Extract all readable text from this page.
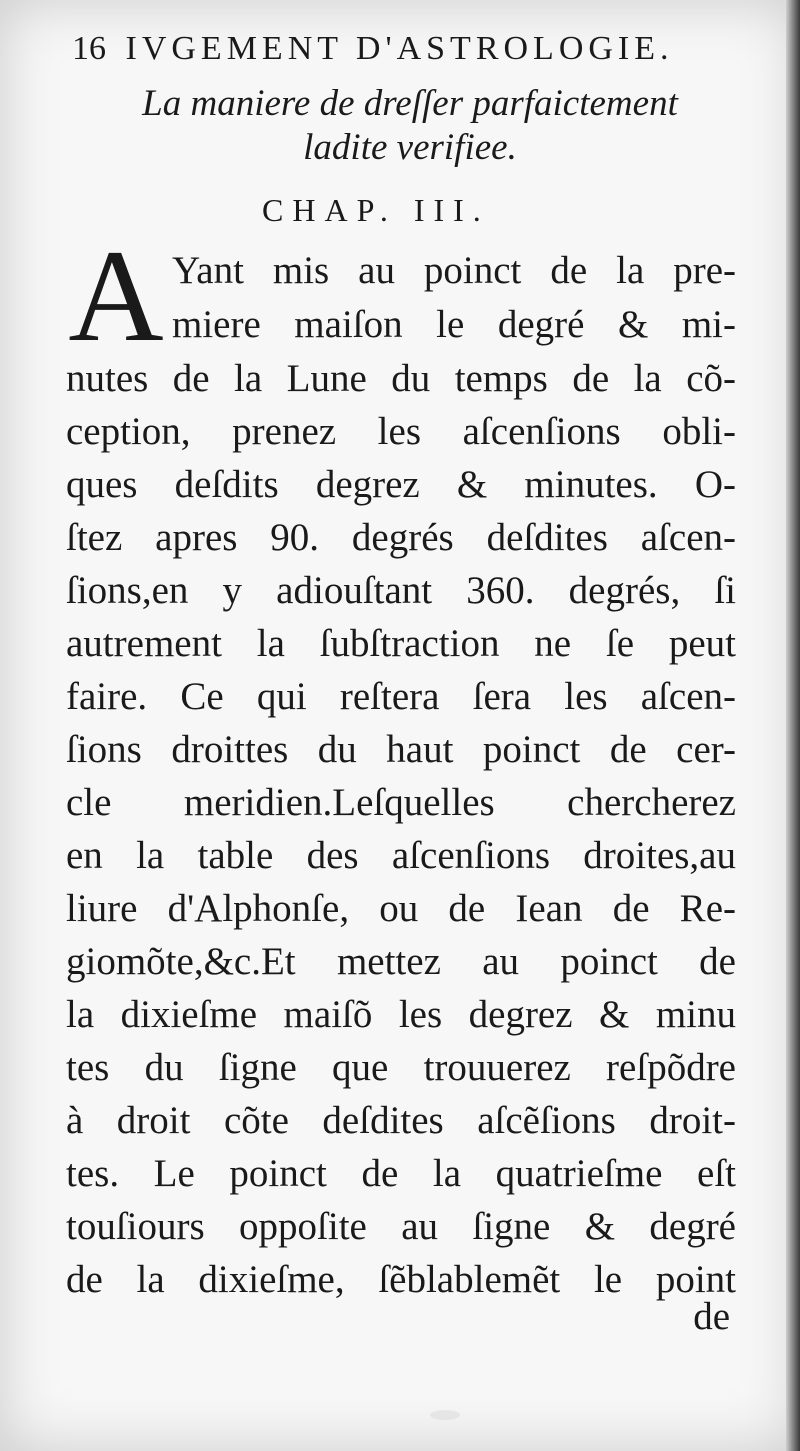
16 IVGEMENT D'ASTROLOGIE.
La maniere de dreſſer parfaictement
ladite verifiee.
CHAP. III.
A Yant mis au poinct de la pre-
miere maiſon le degré & mi-
nutes de la Lune du temps de la cõ-
ception, prenez les aſcenſions obli-
ques deſdits degrez & minutes. O-
ſtez apres 90. degrés deſdites aſcen-
ſions,en y adiouſtant 360. degrés, ſi
autrement la ſubſtraction ne ſe peut
faire. Ce qui reſtera ſera les aſcen-
ſions droittes du haut poinct de cer-
cle meridien.Leſquelles chercherez
en la table des aſcenſions droites,au
liure d'Alphonſe, ou de Iean de Re-
giomõte,&c.Et mettez au poinct de
la dixieſme maiſõ les degrez & minu
tes du ſigne que trouuerez reſpõdre
à droit cõte deſdites aſcẽſions droit-
tes. Le poinct de la quatrieſme eſt
touſiours oppoſite au ſigne & degré
de la dixieſme, ſẽblablemẽt le point
de
